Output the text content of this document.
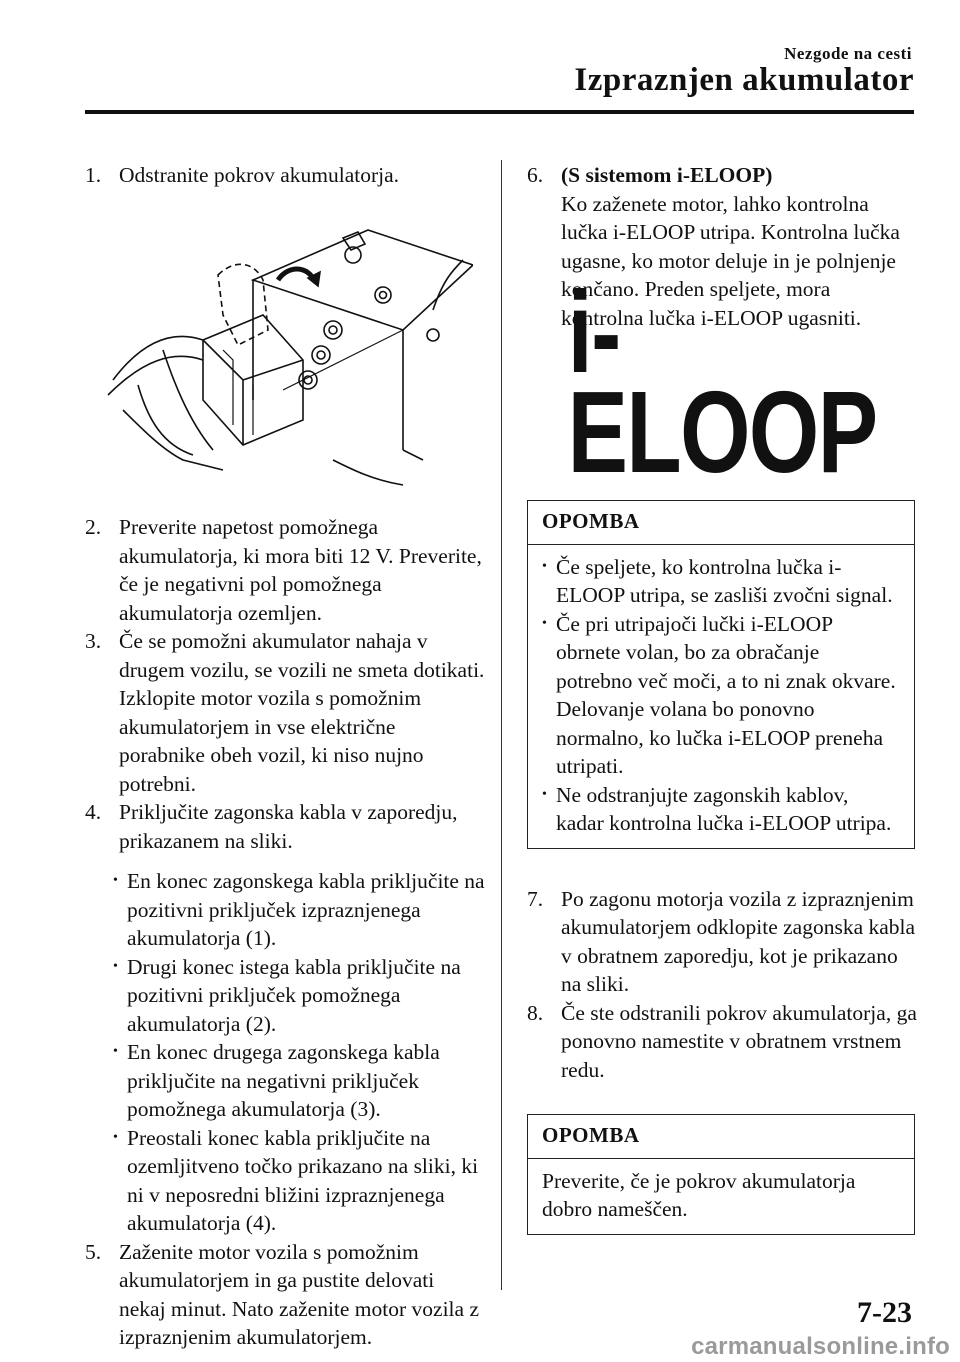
Nezgode na cesti
Izpraznjen akumulator
1. Odstranite pokrov akumulatorja.

2. Preverite napetost pomožnega akumulatorja, ki mora biti 12 V. Preverite, če je negativni pol pomožnega akumulatorja ozemljen.

3. Če se pomožni akumulator nahaja v drugem vozilu, se vozili ne smeta dotikati. Izklopite motor vozila s pomožnim akumulatorjem in vse električne porabnike obeh vozil, ki niso nujno potrebni.

4. Priključite zagonska kabla v zaporedju, prikazanem na sliki.

• En konec zagonskega kabla priključite na pozitivni priključek izpraznjenega akumulatorja (1).
• Drugi konec istega kabla priključite na pozitivni priključek pomožnega akumulatorja (2).
• En konec drugega zagonskega kabla priključite na negativni priključek pomožnega akumulatorja (3).
• Preostali konec kabla priključite na ozemljitveno točko prikazano na sliki, ki ni v neposredni bližini izpraznjenega akumulatorja (4).
5. Zaženite motor vozila s pomožnim akumulatorjem in ga pustite delovati nekaj minut. Nato zaženite motor vozila z izpraznjenim akumulatorjem.

6. (S sistemom i-ELOOP)

Ko zaženete motor, lahko kontrolna lučka i-ELOOP utripa. Kontrolna lučka ugasne, ko motor deluje in je polnjenje končano. Preden speljete, mora kontrolna lučka i-ELOOP ugasniti.

i-ELOOP
OPOMBA
• Če speljete, ko kontrolna lučka i-ELOOP utripa, se zasliši zvočni signal.
• Če pri utripajoči lučki i-ELOOP obrnete volan, bo za obračanje potrebno več moči, a to ni znak okvare. Delovanje volana bo ponovno normalno, ko lučka i-ELOOP preneha utripati.
• Ne odstranjujte zagonskih kablov, kadar kontrolna lučka i-ELOOP utripa.
7. Po zagonu motorja vozila z izpraznjenim akumulatorjem odklopite zagonska kabla v obratnem zaporedju, kot je prikazano na sliki.

8. Če ste odstranili pokrov akumulatorja, ga ponovno namestite v obratnem vrstnem redu.

OPOMBA

Preverite, če je pokrov akumulatorja dobro nameščen.

7-23
carmanualsonline.info
